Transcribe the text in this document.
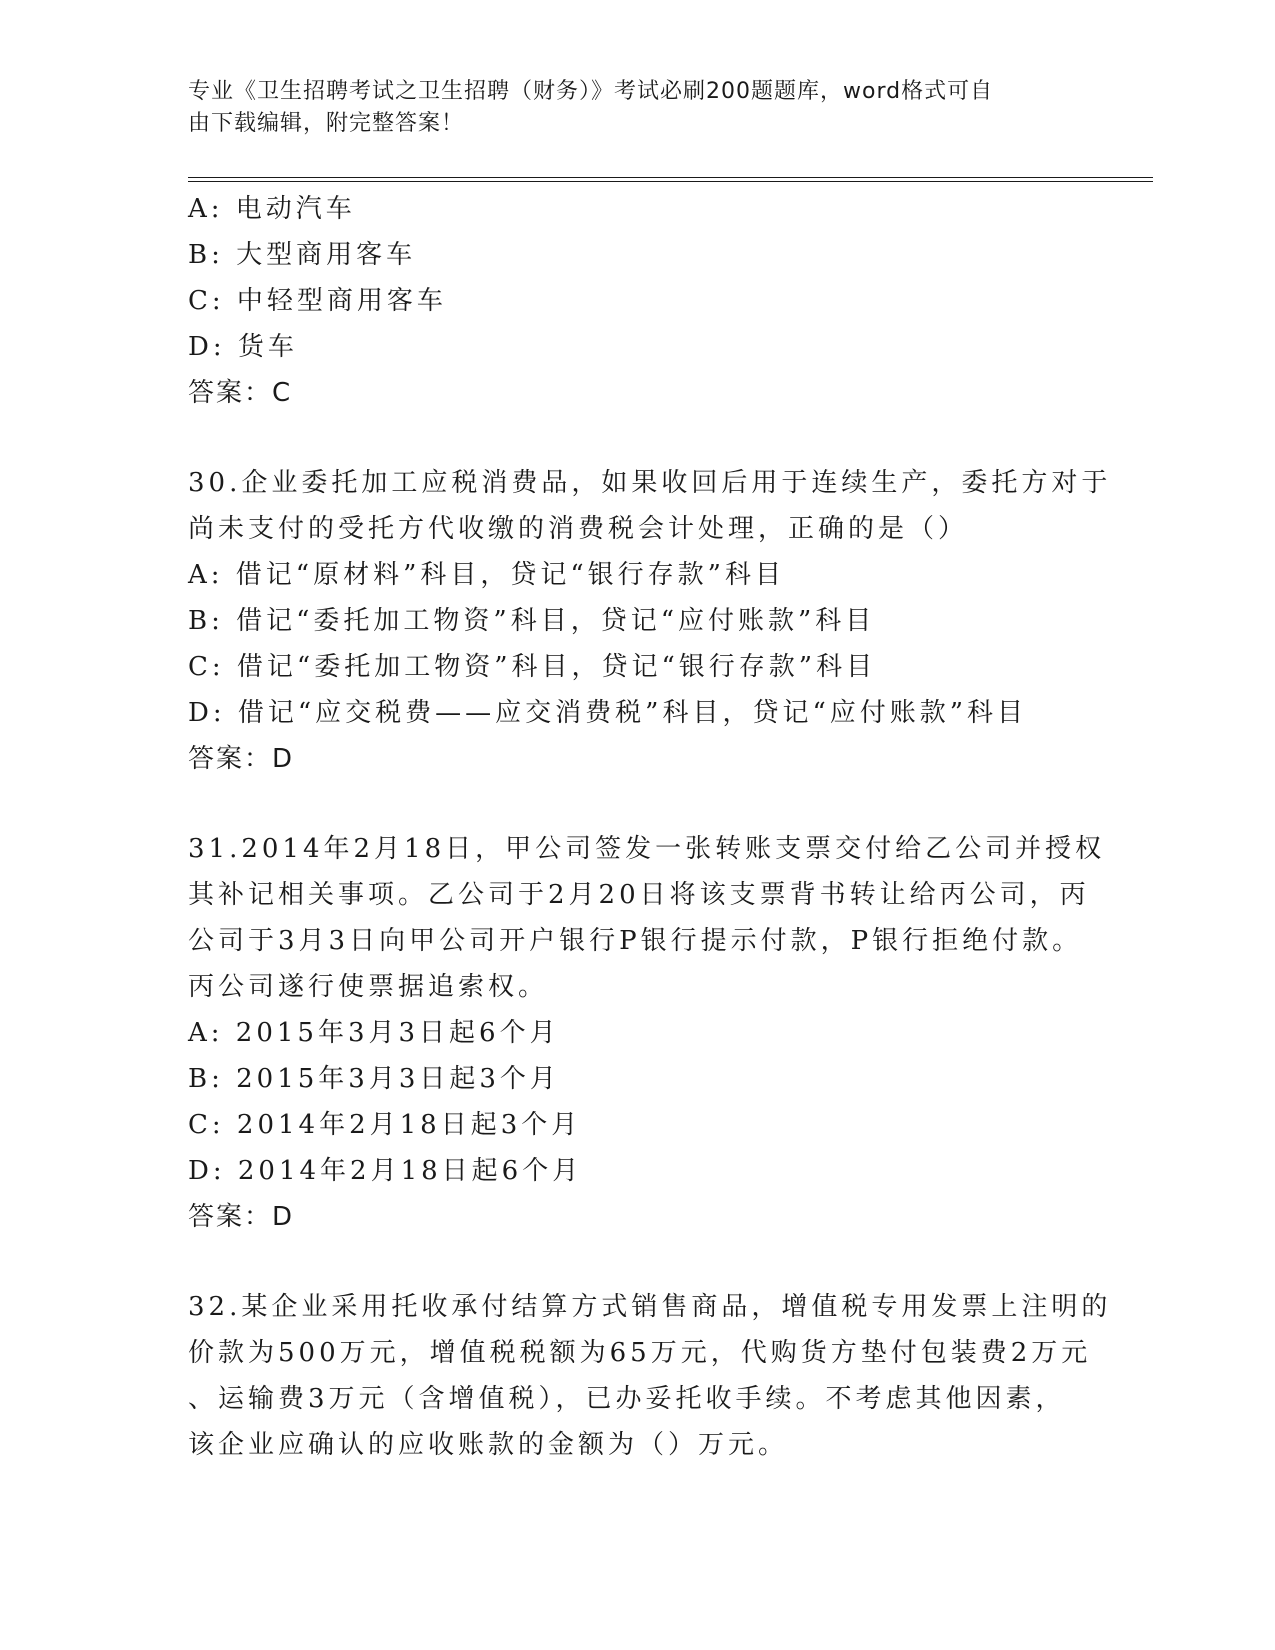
专业《卫生招聘考试之卫生招聘（财务）》考试必刷200题题库，word格式可自
由下载编辑，附完整答案！
A: 电动汽车
B: 大型商用客车
C: 中轻型商用客车
D: 货车
答案：C
30.企业委托加工应税消费品，如果收回后用于连续生产，委托方对于
尚未支付的受托方代收缴的消费税会计处理，正确的是（）
A: 借记“原材料”科目，贷记“银行存款”科目
B: 借记“委托加工物资”科目，贷记“应付账款”科目
C: 借记“委托加工物资”科目，贷记“银行存款”科目
D: 借记“应交税费——应交消费税”科目，贷记“应付账款”科目
答案：D
31.2014年2月18日，甲公司签发一张转账支票交付给乙公司并授权
其补记相关事项。乙公司于2月20日将该支票背书转让给丙公司，丙
公司于3月3日向甲公司开户银行P银行提示付款，P银行拒绝付款。
丙公司遂行使票据追索权。
A: 2015年3月3日起6个月
B: 2015年3月3日起3个月
C: 2014年2月18日起3个月
D: 2014年2月18日起6个月
答案：D
32.某企业采用托收承付结算方式销售商品，增值税专用发票上注明的
价款为500万元，增值税税额为65万元，代购货方垫付包装费2万元
、运输费3万元（含增值税），已办妥托收手续。不考虑其他因素，
该企业应确认的应收账款的金额为（）万元。
